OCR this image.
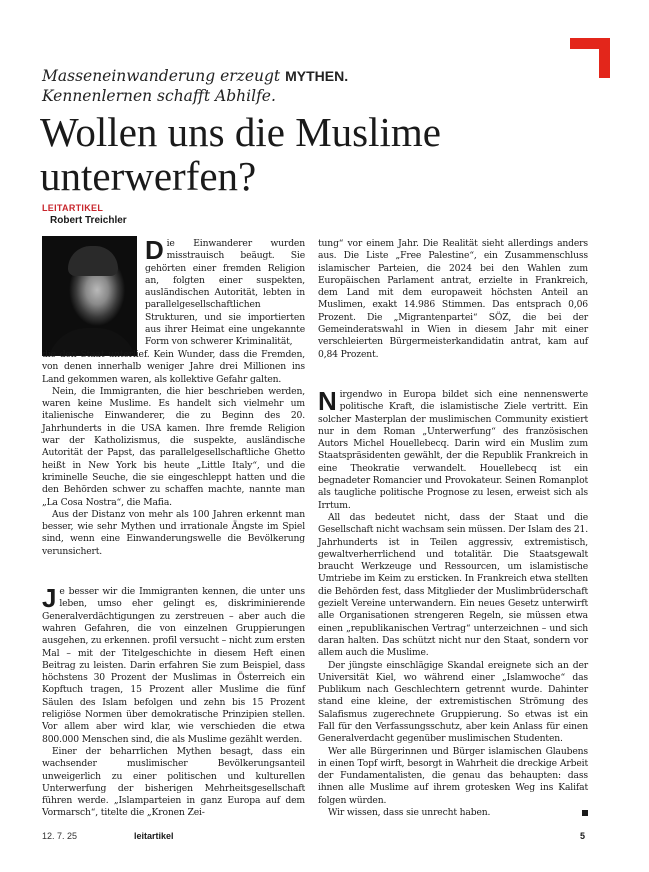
Masseneinwanderung erzeugt MYTHEN.
Kennenlernen schafft Abhilfe.
Wollen uns die Muslime unterwerfen?
LEITARTIKEL
Robert Treichler

Die Einwanderer wurden misstrauisch beäugt. Sie gehörten einer fremden Religion an, folgten einer suspekten, ausländischen Autorität, lebten in parallelgesellschaftlichen Strukturen, und sie importierten aus ihrer Heimat eine ungekannte Form von schwerer Kriminalität,

die den Staat unterlief. Kein Wunder, dass die Fremden, von denen innerhalb weniger Jahre drei Millionen ins Land gekommen waren, als kollektive Gefahr galten.

Nein, die Immigranten, die hier beschrieben werden, waren keine Muslime. Es handelt sich vielmehr um italienische Einwanderer, die zu Beginn des 20. Jahrhunderts in die USA kamen. Ihre fremde Religion war der Katholizismus, die suspekte, ausländische Autorität der Papst, das parallelgesellschaftliche Ghetto heißt in New York bis heute „Little Italy“, und die kriminelle Seuche, die sie eingeschleppt hatten und die den Behörden schwer zu schaffen machte, nannte man „La Cosa Nostra“, die Mafia.

Aus der Distanz von mehr als 100 Jahren erkennt man besser, wie sehr Mythen und irrationale Ängste im Spiel sind, wenn eine Einwanderungswelle die Bevölkerung verunsichert.

Je besser wir die Immigranten kennen, die unter uns leben, umso eher gelingt es, diskriminierende Generalverdächtigungen zu zerstreuen – aber auch die wahren Gefahren, die von einzelnen Gruppierungen ausgehen, zu erkennen. profil versucht – nicht zum ersten Mal – mit der Titelgeschichte in diesem Heft einen Beitrag zu leisten. Darin erfahren Sie zum Beispiel, dass höchstens 30 Prozent der Muslimas in Österreich ein Kopftuch tragen, 15 Prozent aller Muslime die fünf Säulen des Islam befolgen und zehn bis 15 Prozent religiöse Normen über demokratische Prinzipien stellen. Vor allem aber wird klar, wie verschieden die etwa 800.000 Menschen sind, die als Muslime gezählt werden.

Einer der beharrlichen Mythen besagt, dass ein wachsender muslimischer Bevölkerungsanteil unweigerlich zu einer politischen und kulturellen Unterwerfung der bisherigen Mehrheitsgesellschaft führen werde. „Islamparteien in ganz Europa auf dem Vormarsch“, titelte die „Kronen Zei-

tung“ vor einem Jahr. Die Realität sieht allerdings anders aus. Die Liste „Free Palestine“, ein Zusammenschluss islamischer Parteien, die 2024 bei den Wahlen zum Europäischen Parlament antrat, erzielte in Frankreich, dem Land mit dem europaweit höchsten Anteil an Muslimen, exakt 14.986 Stimmen. Das entsprach 0,06 Prozent. Die „Migrantenpartei“ SÖZ, die bei der Gemeinderatswahl in Wien in diesem Jahr mit einer verschleierten Bürgermeisterkandidatin antrat, kam auf 0,84 Prozent.

Nirgendwo in Europa bildet sich eine nennenswerte politische Kraft, die islamistische Ziele vertritt. Ein solcher Masterplan der muslimischen Community existiert nur in dem Roman „Unterwerfung“ des französischen Autors Michel Houellebecq. Darin wird ein Muslim zum Staatspräsidenten gewählt, der die Republik Frankreich in eine Theokratie verwandelt. Houellebecq ist ein begnadeter Romancier und Provokateur. Seinen Romanplot als taugliche politische Prognose zu lesen, erweist sich als Irrtum.

All das bedeutet nicht, dass der Staat und die Gesellschaft nicht wachsam sein müssen. Der Islam des 21. Jahrhunderts ist in Teilen aggressiv, extremistisch, gewaltverherrlichend und totalitär. Die Staatsgewalt braucht Werkzeuge und Ressourcen, um islamistische Umtriebe im Keim zu ersticken. In Frankreich etwa stellten die Behörden fest, dass Mitglieder der Muslimbrüderschaft gezielt Vereine unterwandern. Ein neues Gesetz unterwirft alle Organisationen strengeren Regeln, sie müssen etwa einen „republikanischen Vertrag“ unterzeichnen – und sich daran halten. Das schützt nicht nur den Staat, sondern vor allem auch die Muslime.

Der jüngste einschlägige Skandal ereignete sich an der Universität Kiel, wo während einer „Islamwoche“ das Publikum nach Geschlechtern getrennt wurde. Dahinter stand eine kleine, der extremistischen Strömung des Salafismus zugerechnete Gruppierung. So etwas ist ein Fall für den Verfassungsschutz, aber kein Anlass für einen Generalverdacht gegenüber muslimischen Studenten.

Wer alle Bürgerinnen und Bürger islamischen Glaubens in einen Topf wirft, besorgt in Wahrheit die dreckige Arbeit der Fundamentalisten, die genau das behaupten: dass ihnen alle Muslime auf ihrem grotesken Weg ins Kalifat folgen würden.

Wir wissen, dass sie unrecht haben.

12. 7. 25	leitartikel	5
